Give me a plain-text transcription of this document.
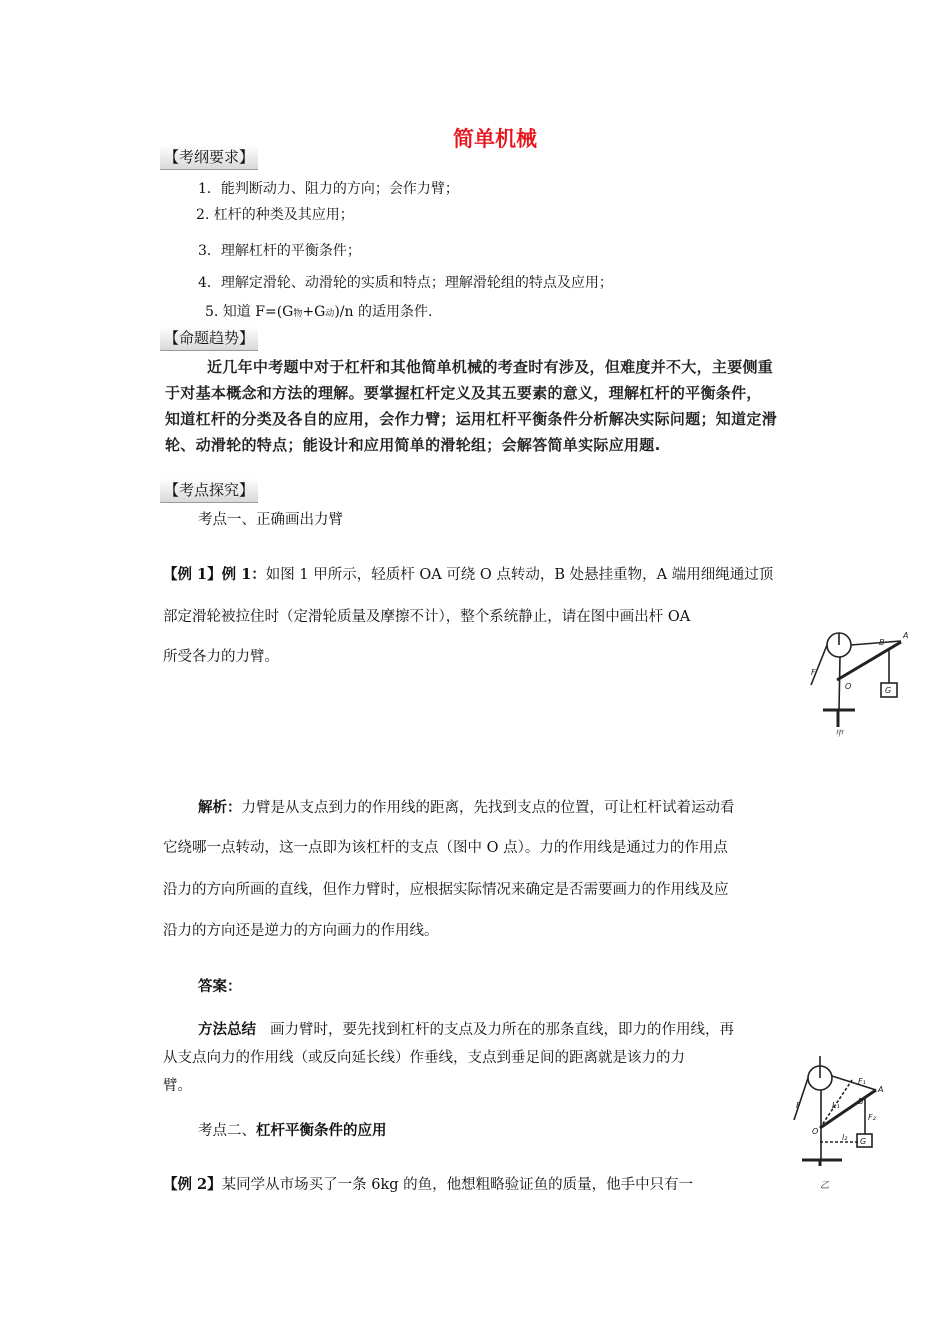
简单机械
【考纲要求】
1．能判断动力、阻力的方向；会作力臂；
2. 杠杆的种类及其应用；
3．理解杠杆的平衡条件；
4．理解定滑轮、动滑轮的实质和特点；理解滑轮组的特点及应用；
5. 知道 F=(G物+G动)/n 的适用条件.
【命题趋势】

近几年中考题中对于杠杆和其他简单机械的考查时有涉及，但难度并不大，主要侧重

于对基本概念和方法的理解。要掌握杠杆定义及其五要素的意义，理解杠杆的平衡条件，

知道杠杆的分类及各自的应用，会作力臂；运用杠杆平衡条件分析解决实际问题；知道定滑

轮、动滑轮的特点；能设计和应用简单的滑轮组；会解答简单实际应用题.

【考点探究】
考点一、正确画出力臂
【例 1】例 1：如图 1 甲所示，轻质杆 OA 可绕 O 点转动，B 处悬挂重物，A 端用细绳通过顶
部定滑轮被拉住时（定滑轮质量及摩擦不计），整个系统静止，请在图中画出杆 OA
所受各力的力臂。
F
B
A
O	G
甲
解析：力臂是从支点到力的作用线的距离，先找到支点的位置，可让杠杆试着运动看
它绕哪一点转动，这一点即为该杠杆的支点（图中 O 点）。力的作用线是通过力的作用点
沿力的方向所画的直线，但作力臂时，应根据实际情况来确定是否需要画力的作用线及应
沿力的方向还是逆力的方向画力的作用线。
答案：
方法总结 画力臂时，要先找到杠杆的支点及力所在的那条直线，即力的作用线，再
从支点向力的作用线（或反向延长线）作垂线，支点到垂足间的距离就是该力的力
臂。
F
F₁
L₁ B
A
F₂
O
l₂ G
乙
考点二、杠杆平衡条件的应用
【例 2】某同学从市场买了一条 6kg 的鱼，他想粗略验证鱼的质量，他手中只有一
